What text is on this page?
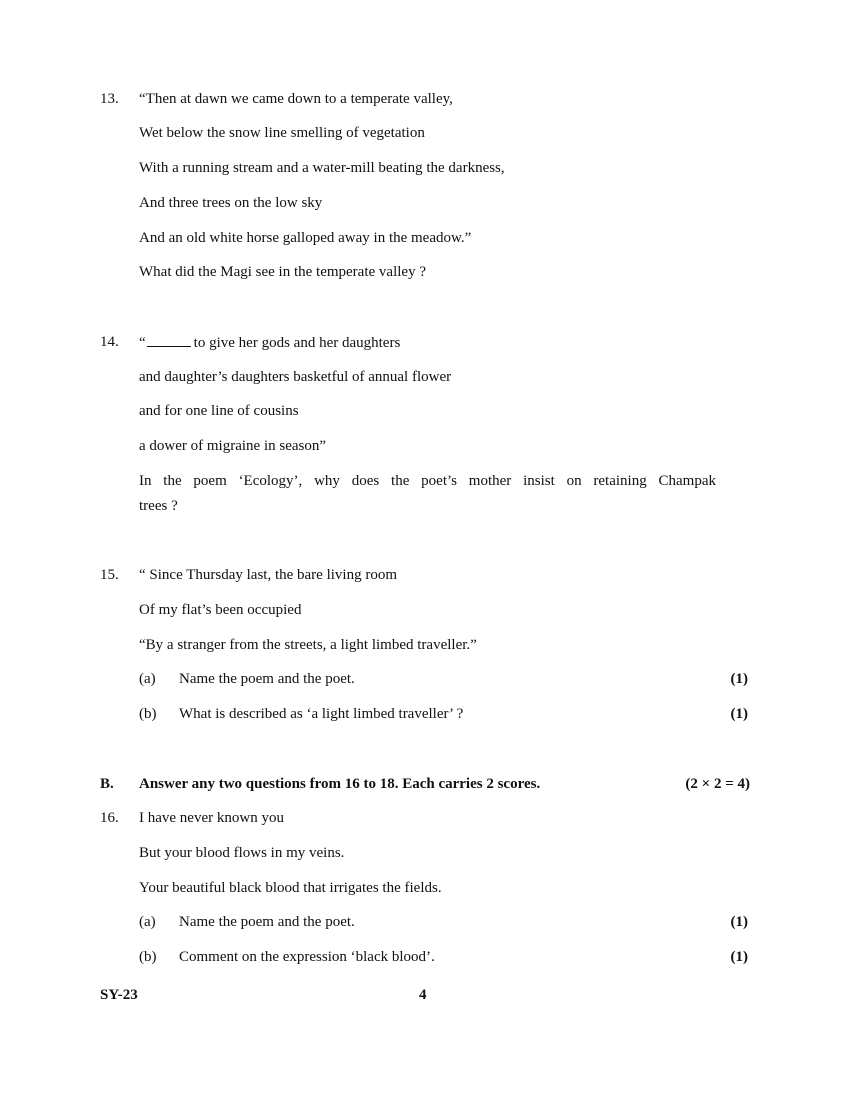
13. “Then at dawn we came down to a temperate valley,
Wet below the snow line smelling of vegetation
With a running stream and a water-mill beating the darkness,
And three trees on the low sky
And an old white horse galloped away in the meadow.”
What did the Magi see in the temperate valley ?
14. “	to give her gods and her daughters
and daughter’s daughters basketful of annual flower
and for one line of cousins
a dower of migraine in season”
In the poem ‘Ecology’, why does the poet’s mother insist on retaining Champak
trees ?
15. “ Since Thursday last, the bare living room
Of my flat’s been occupied
“By a stranger from the streets, a light limbed traveller.”
(a) Name the poem and the poet.	(1)
(b) What is described as ‘a light limbed traveller’ ?	(1)
B. Answer any two questions from 16 to 18. Each carries 2 scores.	(2 × 2 = 4)
16. I have never known you
But your blood flows in my veins.
Your beautiful black blood that irrigates the fields.
(a) Name the poem and the poet.	(1)
(b) Comment on the expression ‘black blood’.	(1)
SY-23	4
